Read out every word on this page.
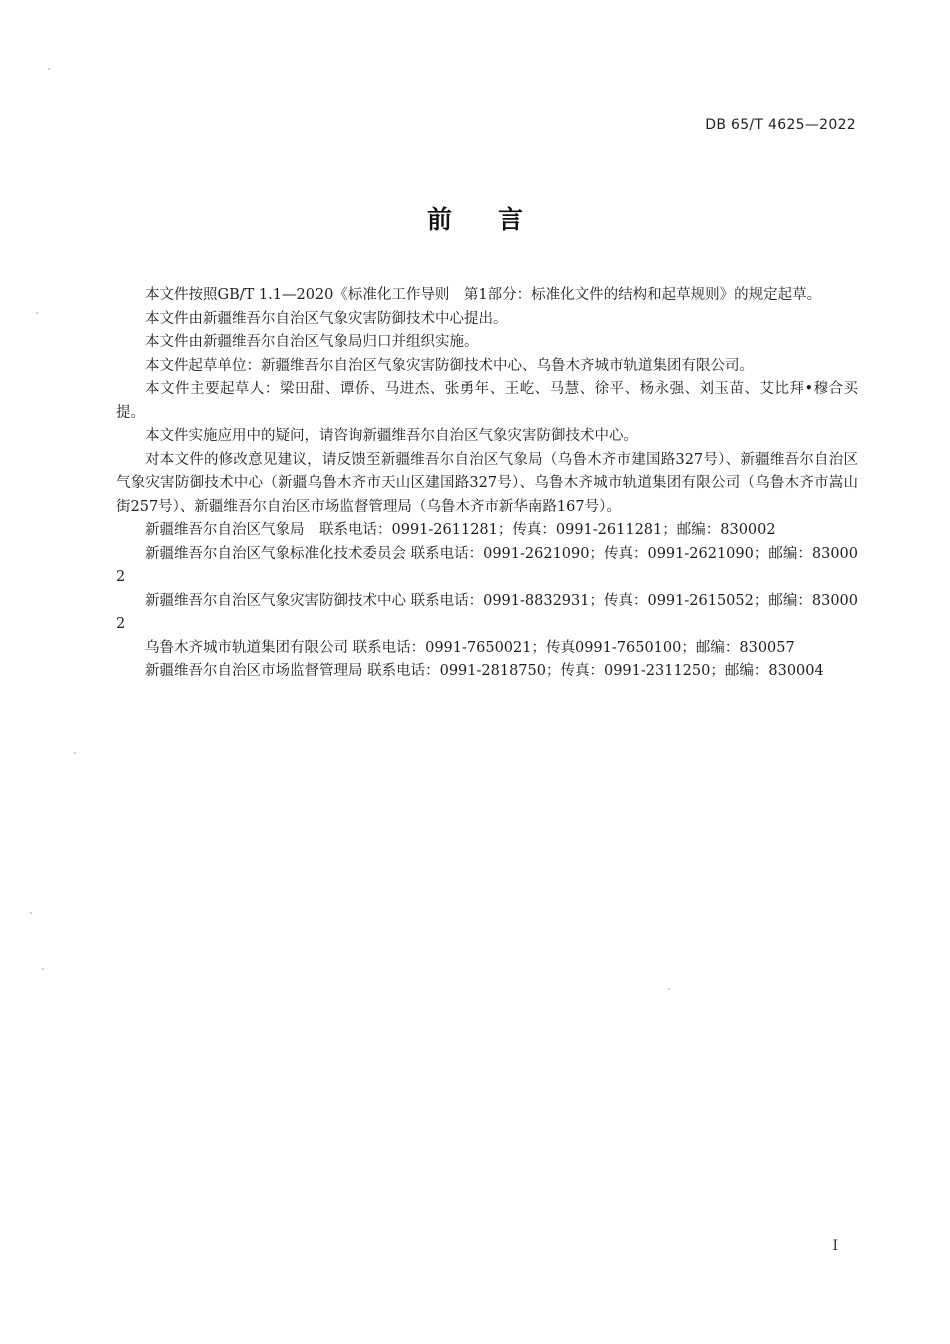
DB 65/T 4625—2022
前言

本文件按照GB/T 1.1—2020《标准化工作导则　第1部分：标准化文件的结构和起草规则》的规定起草。

本文件由新疆维吾尔自治区气象灾害防御技术中心提出。

本文件由新疆维吾尔自治区气象局归口并组织实施。

本文件起草单位：新疆维吾尔自治区气象灾害防御技术中心、乌鲁木齐城市轨道集团有限公司。

本文件主要起草人：梁田甜、谭侨、马进杰、张勇年、王屹、马慧、徐平、杨永强、刘玉苗、艾比拜•穆合买提。

本文件实施应用中的疑问，请咨询新疆维吾尔自治区气象灾害防御技术中心。

对本文件的修改意见建议，请反馈至新疆维吾尔自治区气象局（乌鲁木齐市建国路327号）、新疆维吾尔自治区气象灾害防御技术中心（新疆乌鲁木齐市天山区建国路327号）、乌鲁木齐城市轨道集团有限公司（乌鲁木齐市嵩山街257号）、新疆维吾尔自治区市场监督管理局（乌鲁木齐市新华南路167号）。

新疆维吾尔自治区气象局　联系电话：0991-2611281；传真：0991-2611281；邮编：830002

新疆维吾尔自治区气象标准化技术委员会 联系电话：0991-2621090；传真：0991-2621090；邮编：830002

新疆维吾尔自治区气象灾害防御技术中心 联系电话：0991-8832931；传真：0991-2615052；邮编：830002

乌鲁木齐城市轨道集团有限公司 联系电话：0991-7650021；传真0991-7650100；邮编：830057

新疆维吾尔自治区市场监督管理局 联系电话：0991-2818750；传真：0991-2311250；邮编：830004

I
